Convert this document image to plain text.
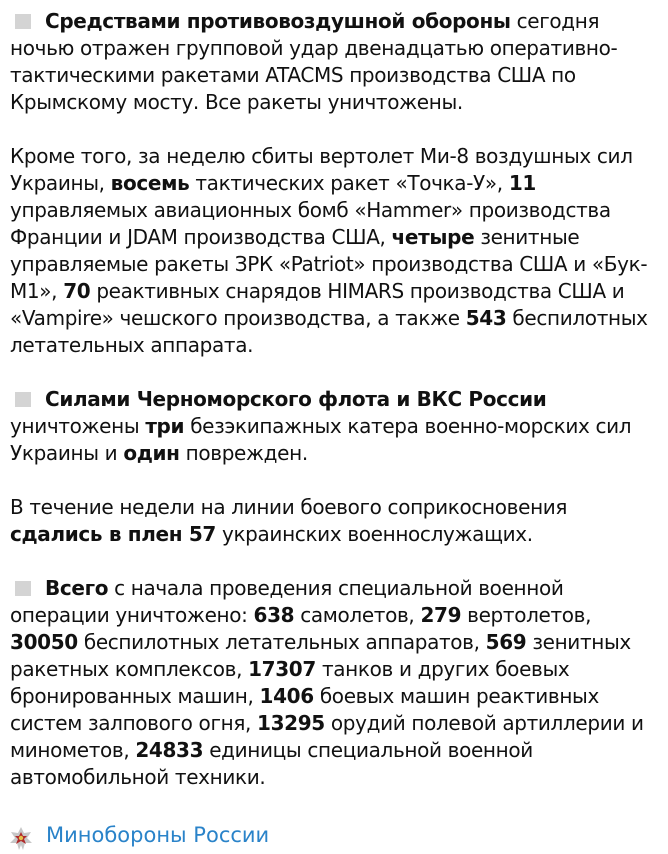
Средствами противовоздушной обороны сегодня ночью отражен групповой удар двенадцатью оперативно-тактическими ракетами ATACMS производства США по Крымскому мосту. Все ракеты уничтожены.

Кроме того, за неделю сбиты вертолет Ми-8 воздушных сил Украины, восемь тактических ракет «Точка-У», 11 управляемых авиационных бомб «Hammer» производства Франции и JDAM производства США, четыре зенитные управляемые ракеты ЗРК «Patriot» производства США и «Бук-М1», 70 реактивных снарядов HIMARS производства США и «Vampire» чешского производства, а также 543 беспилотных летательных аппарата.

Силами Черноморского флота и ВКС России уничтожены три безэкипажных катера военно-морских сил Украины и один поврежден.

В течение недели на линии боевого соприкосновения сдались в плен 57 украинских военнослужащих.

Всего с начала проведения специальной военной операции уничтожено: 638 самолетов, 279 вертолетов, 30050 беспилотных летательных аппаратов, 569 зенитных ракетных комплексов, 17307 танков и других боевых бронированных машин, 1406 боевых машин реактивных систем залпового огня, 13295 орудий полевой артиллерии и минометов, 24833 единицы специальной военной автомобильной техники.

Минобороны России
